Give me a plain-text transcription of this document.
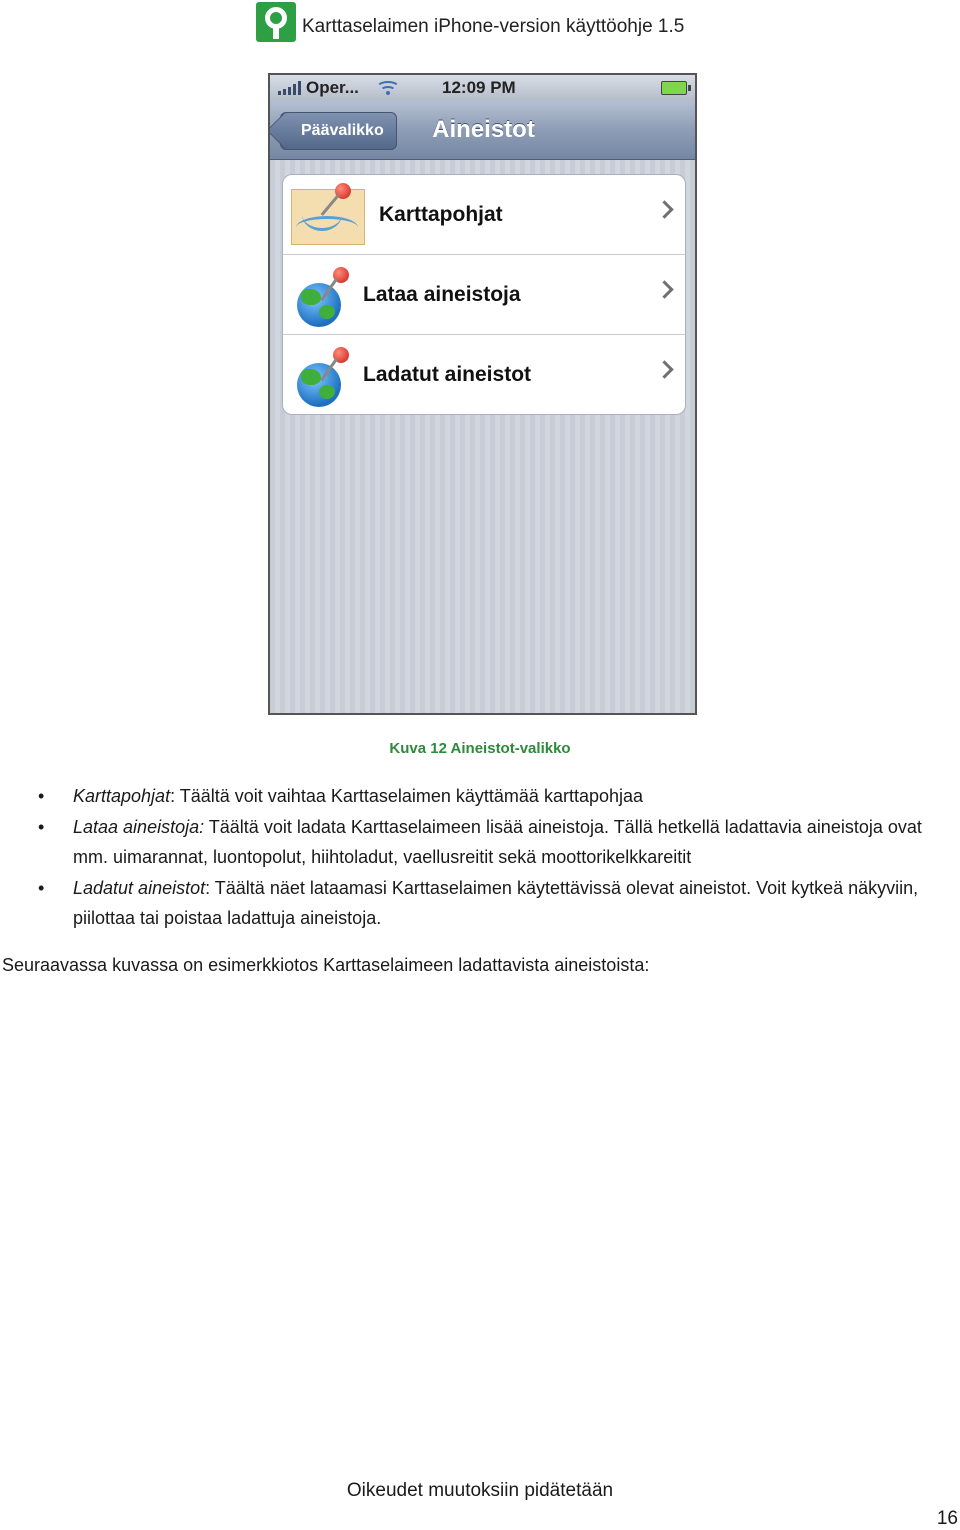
Karttaselaimen iPhone-version käyttöohje 1.5
Oper...	12:09 PM
Päävalikko	Aineistot
Karttapohjat
Lataa aineistoja
Ladatut aineistot
Kuva 12 Aineistot-valikko
• Karttapohjat: Täältä voit vaihtaa Karttaselaimen käyttämää karttapohjaa
• Lataa aineistoja: Täältä voit ladata Karttaselaimeen lisää aineistoja. Tällä hetkellä ladattavia aineistoja ovat mm. uimarannat, luontopolut, hiihtoladut, vaellusreitit sekä moottorikelkkareitit
• Ladatut aineistot: Täältä näet lataamasi Karttaselaimen käytettävissä olevat aineistot. Voit kytkeä näkyviin, piilottaa tai poistaa ladattuja aineistoja.
Seuraavassa kuvassa on esimerkkiotos Karttaselaimeen ladattavista aineistoista:
Oikeudet muutoksiin pidätetään
16
